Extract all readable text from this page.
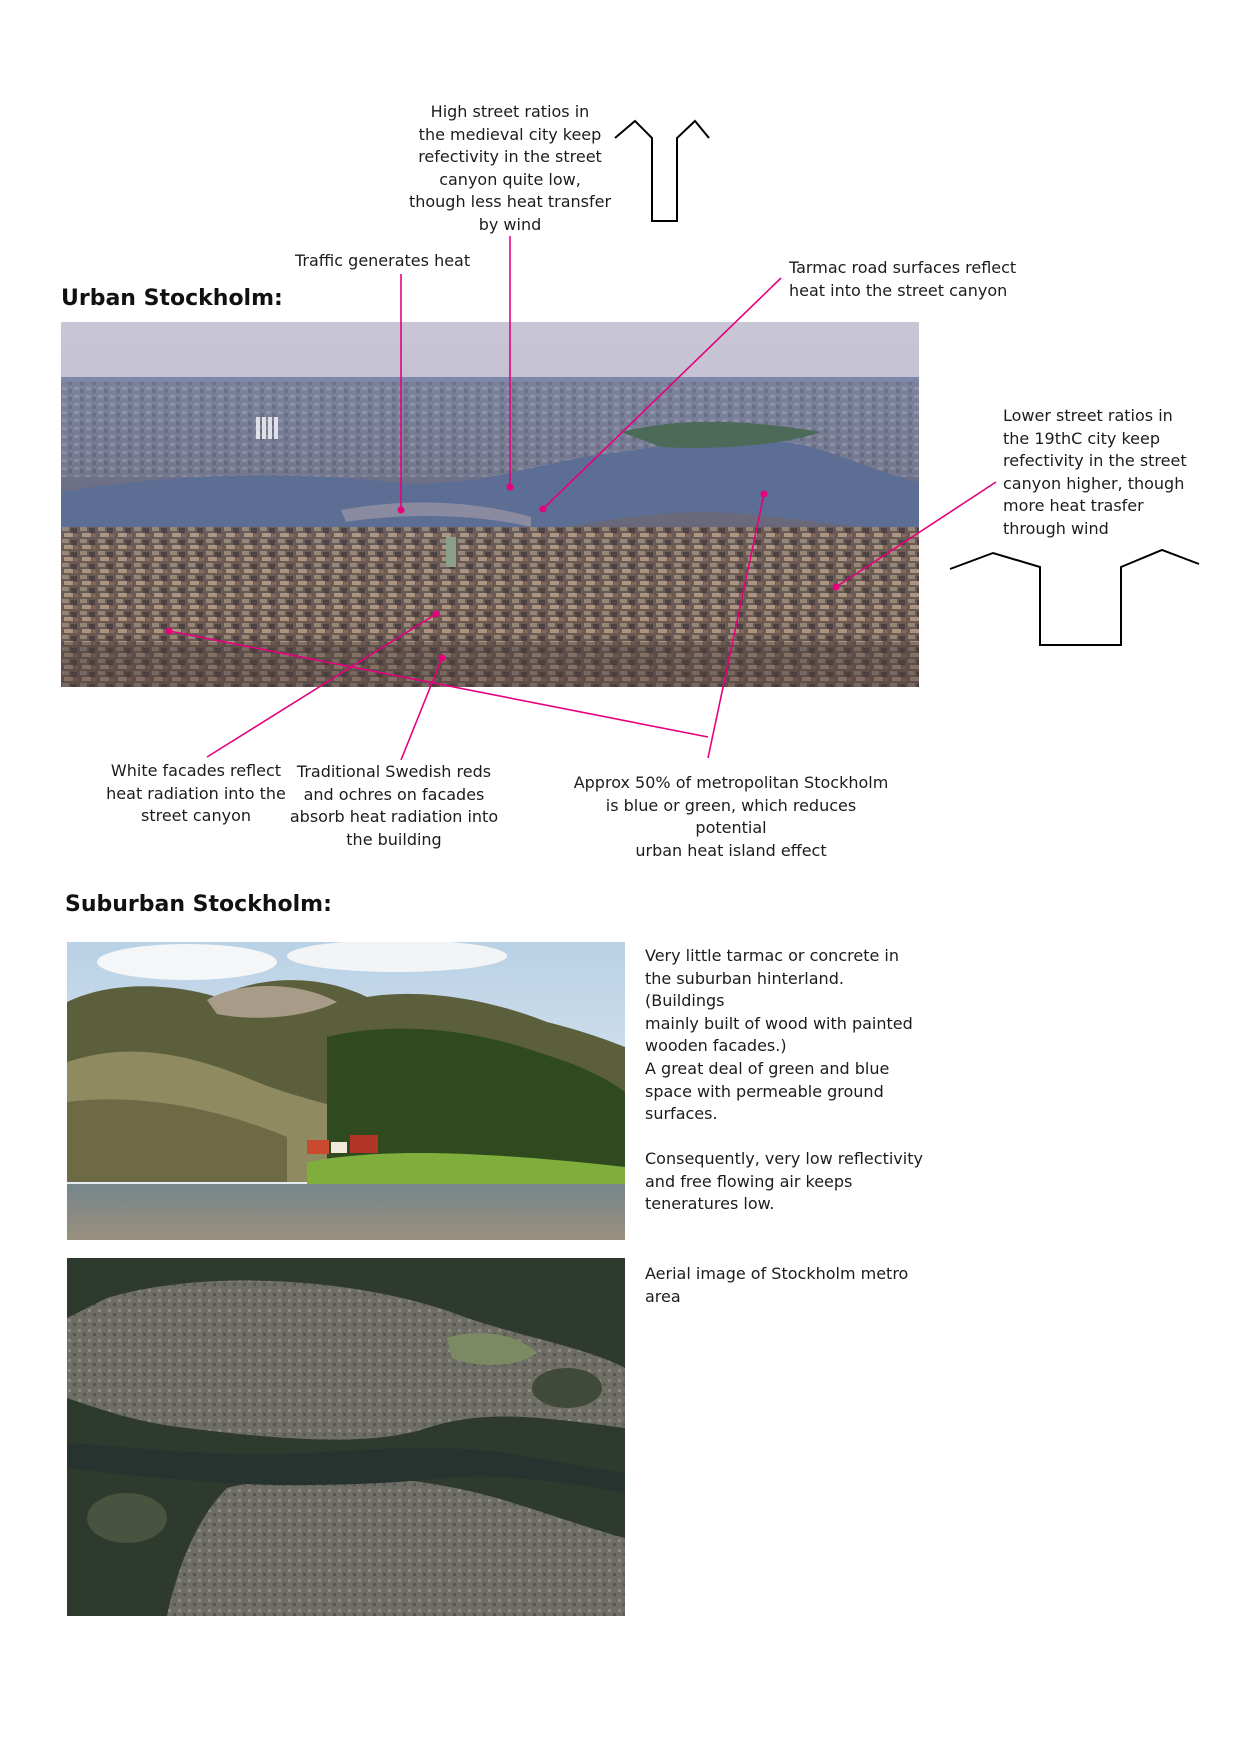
Urban Stockholm:
Suburban Stockholm:
High street ratios in
the medieval city keep
refectivity in the street
canyon quite low,
though less heat transfer
by wind
Traffic generates heat	Tarmac road surfaces reflect
heat into the street canyon
Lower street ratios in
the 19thC city keep
refectivity in the street
canyon higher, though
more heat trasfer
through wind
White facades reflect
heat radiation into the
street canyon
Traditional Swedish reds
and ochres on facades
absorb heat radiation into
the building
Approx 50% of metropolitan Stockholm
is blue or green, which reduces potential
urban heat island effect
Very little tarmac or concrete in
the suburban hinterland. (Buildings
mainly built of wood with painted
wooden facades.)
A great deal of green and blue
space with permeable ground
surfaces.
Consequently, very low reflectivity
and free flowing air keeps
teneratures low.
Aerial image of Stockholm metro
area
